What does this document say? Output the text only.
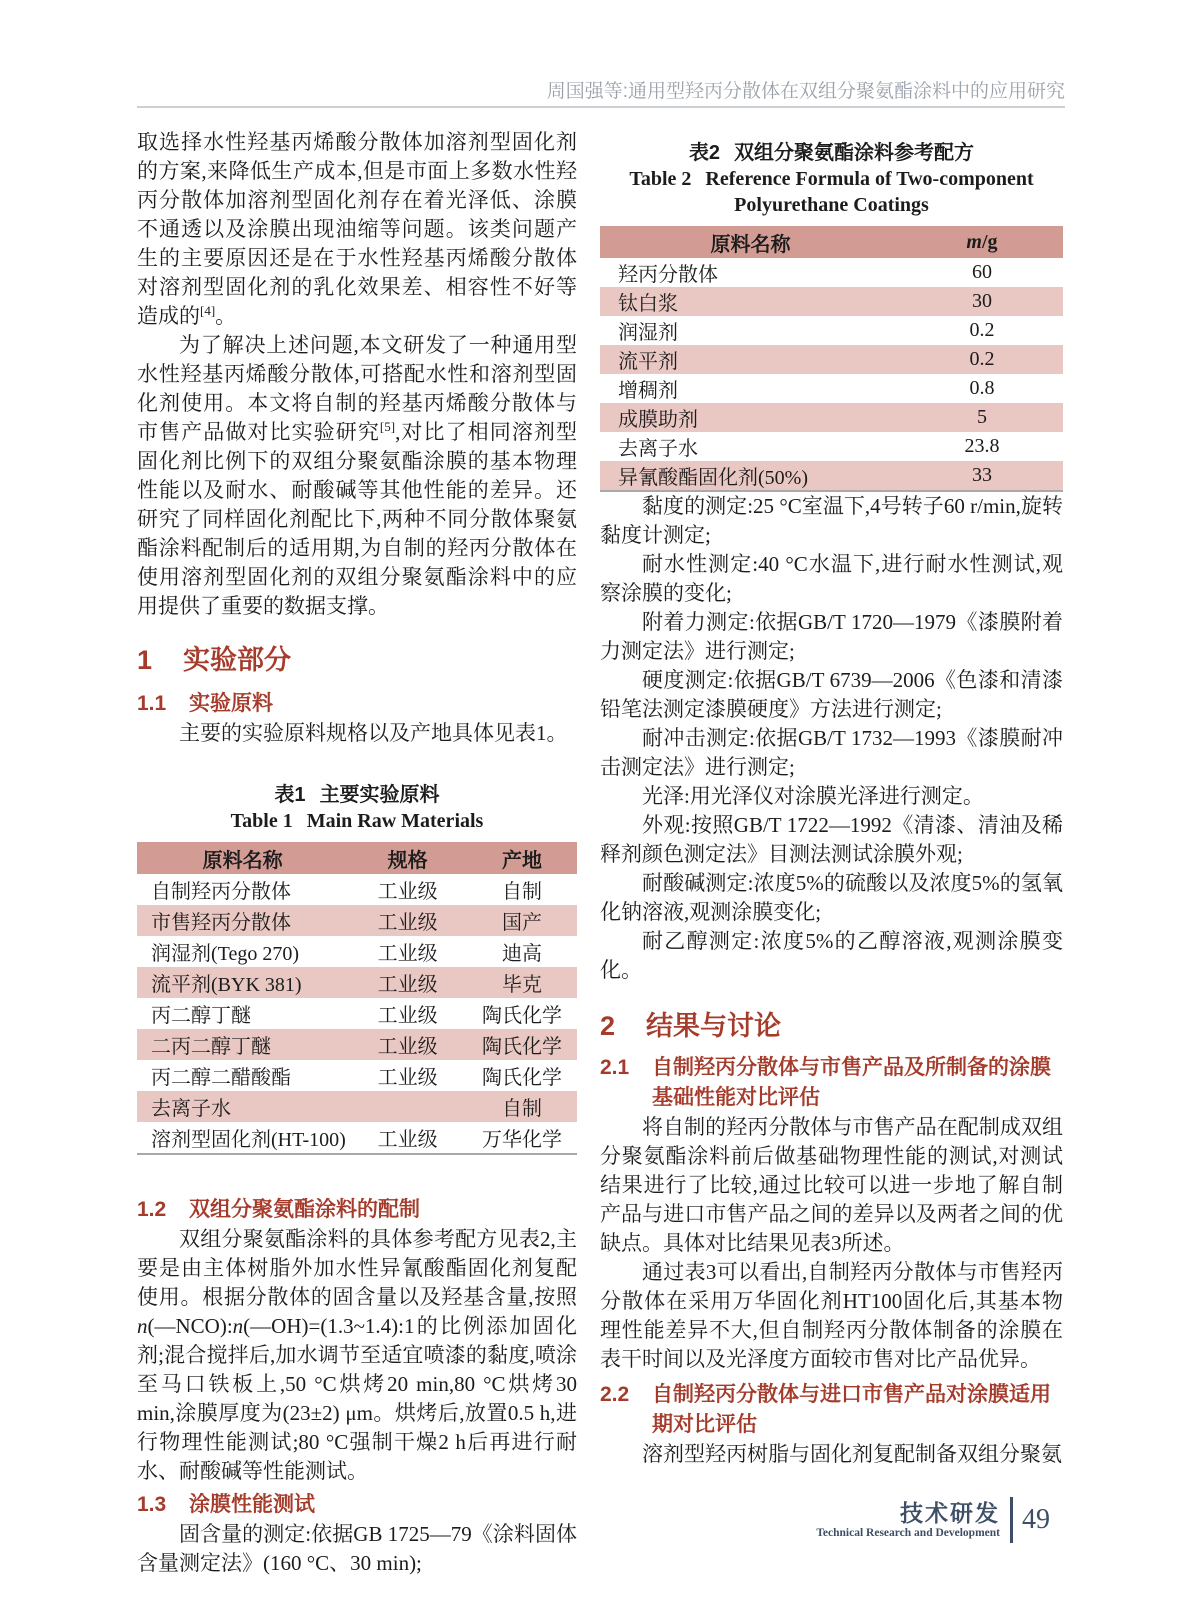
周国强等:通用型羟丙分散体在双组分聚氨酯涂料中的应用研究

取选择水性羟基丙烯酸分散体加溶剂型固化剂的方案,来降低生产成本,但是市面上多数水性羟丙分散体加溶剂型固化剂存在着光泽低、涂膜不通透以及涂膜出现油缩等问题。该类问题产生的主要原因还是在于水性羟基丙烯酸分散体对溶剂型固化剂的乳化效果差、相容性不好等造成的[4]。

为了解决上述问题,本文研发了一种通用型水性羟基丙烯酸分散体,可搭配水性和溶剂型固化剂使用。本文将自制的羟基丙烯酸分散体与市售产品做对比实验研究[5],对比了相同溶剂型固化剂比例下的双组分聚氨酯涂膜的基本物理性能以及耐水、耐酸碱等其他性能的差异。还研究了同样固化剂配比下,两种不同分散体聚氨酯涂料配制后的适用期,为自制的羟丙分散体在使用溶剂型固化剂的双组分聚氨酯涂料中的应用提供了重要的数据支撑。

1	实验部分
1.1	实验原料

主要的实验原料规格以及产地具体见表1。

表1 主要实验原料
Table 1 Main Raw Materials
原料名称	规格	产地
自制羟丙分散体	工业级	自制
市售羟丙分散体	工业级	国产
润湿剂(Tego 270)	工业级	迪高
流平剂(BYK 381)	工业级	毕克
丙二醇丁醚	工业级	陶氏化学
二丙二醇丁醚	工业级	陶氏化学
丙二醇二醋酸酯	工业级	陶氏化学
去离子水		自制
溶剂型固化剂(HT-100)	工业级	万华化学
1.2	双组分聚氨酯涂料的配制

双组分聚氨酯涂料的具体参考配方见表2,主要是由主体树脂外加水性异氰酸酯固化剂复配使用。根据分散体的固含量以及羟基含量,按照n(—NCO):n(—OH)=(1.3~1.4):1的比例添加固化剂;混合搅拌后,加水调节至适宜喷漆的黏度,喷涂至马口铁板上,50 °C烘烤20 min,80 °C烘烤30 min,涂膜厚度为(23±2) μm。烘烤后,放置0.5 h,进行物理性能测试;80 °C强制干燥2 h后再进行耐水、耐酸碱等性能测试。

1.3	涂膜性能测试

固含量的测定:依据GB 1725—79《涂料固体含量测定法》(160 °C、30 min);

表2 双组分聚氨酯涂料参考配方
Table 2 Reference Formula of Two-component
Polyurethane Coatings
原料名称	m/g
羟丙分散体	60
钛白浆	30
润湿剂	0.2
流平剂	0.2
增稠剂	0.8
成膜助剂	5
去离子水	23.8
异氰酸酯固化剂(50%)	33

黏度的测定:25 °C室温下,4号转子60 r/min,旋转黏度计测定;

耐水性测定:40 °C水温下,进行耐水性测试,观察涂膜的变化;

附着力测定:依据GB/T 1720—1979《漆膜附着力测定法》进行测定;

硬度测定:依据GB/T 6739—2006《色漆和清漆铅笔法测定漆膜硬度》方法进行测定;

耐冲击测定:依据GB/T 1732—1993《漆膜耐冲击测定法》进行测定;

光泽:用光泽仪对涂膜光泽进行测定。

外观:按照GB/T 1722—1992《清漆、清油及稀释剂颜色测定法》目测法测试涂膜外观;

耐酸碱测定:浓度5%的硫酸以及浓度5%的氢氧化钠溶液,观测涂膜变化;

耐乙醇测定:浓度5%的乙醇溶液,观测涂膜变化。

2	结果与讨论
2.1	自制羟丙分散体与市售产品及所制备的涂膜基础性能对比评估

将自制的羟丙分散体与市售产品在配制成双组分聚氨酯涂料前后做基础物理性能的测试,对测试结果进行了比较,通过比较可以进一步地了解自制产品与进口市售产品之间的差异以及两者之间的优缺点。具体对比结果见表3所述。

通过表3可以看出,自制羟丙分散体与市售羟丙分散体在采用万华固化剂HT100固化后,其基本物理性能差异不大,但自制羟丙分散体制备的涂膜在表干时间以及光泽度方面较市售对比产品优异。

2.2	自制羟丙分散体与进口市售产品对涂膜适用期对比评估

溶剂型羟丙树脂与固化剂复配制备双组分聚氨

技术研发
Technical Research and Development 49
